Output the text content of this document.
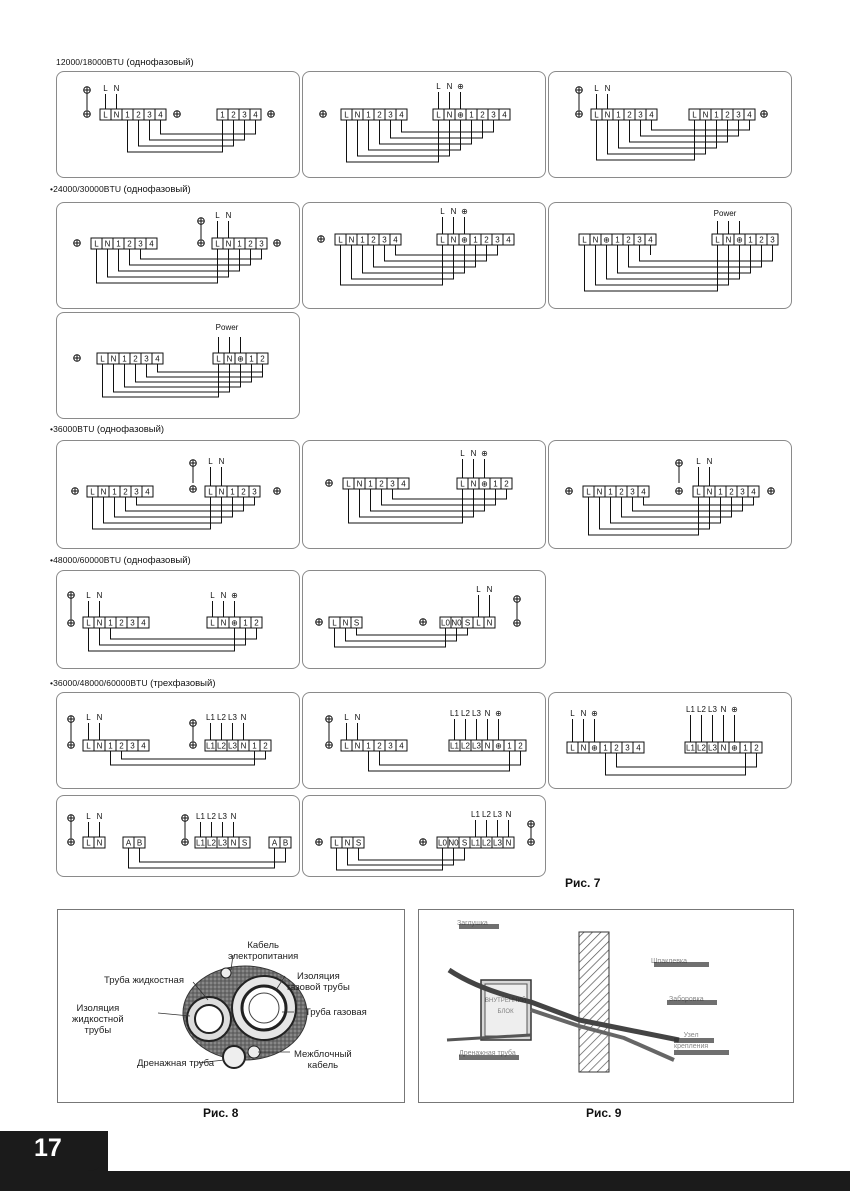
12000/18000BTU (однофазовый)
•24000/30000BTU (однофазовый)
•36000BTU (однофазовый)
•48000/60000BTU (однофазовый)
•36000/48000/60000BTU (трехфазовый)
L N 1 2 3 4
L N
1 2 3 4	L N 1 2 3 4	L N ⊕ 1 2 3 4
L N ⊕
L N 1 2 3 4
L N
L N 1 2 3 4
L N 1 2 3 4	L N 1 2 3
L N
L N 1 2 3 4	L N ⊕ 1 2 3 4
L N ⊕
L N ⊕ 1 2 3 4	L N ⊕ 1 2 3
Power
L N 1 2 3 4	L N ⊕ 1 2
Power
L N 1 2 3 4	L N 1 2 3
L N
L N 1 2 3 4	L N ⊕ 1 2
L N ⊕
L N 1 2 3 4	L N 1 2 3 4
L N
L N 1 2 3 4
L N
L N ⊕ 1 2
L N ⊕
L N S	L0 N0 S L N
L N
L N 1 2 3 4
L N
L1 L2 L3 N 1 2
L1 L2 L3 N
L N 1 2 3 4
L N
L1 L2 L3 N ⊕ 1 2
L1 L2 L3 N ⊕
L N ⊕ 1 2 3 4
L N ⊕
L1 L2 L3 N ⊕ 1 2
L1 L2 L3 N ⊕
L N
L N
A B	L1 L2 L3 N S
L1 L2 L3 N
A B	L N S	L0 N0 S L1 L2 L3 N
L1 L2 L3 N
Рис. 7
Кабель
электропитания
Труба жидкостная	Изоляция
газовой трубы
Труба газовая
Изоляция
жидкостной
трубы
Межблочный
кабель
Дренажная труба
Рис. 8
Заглушка
Шпаклевка
ВНУТРЕННИЙ
БЛОК
Заборовка
Дренажная труба
Узел
крепления
Рис. 9
17
